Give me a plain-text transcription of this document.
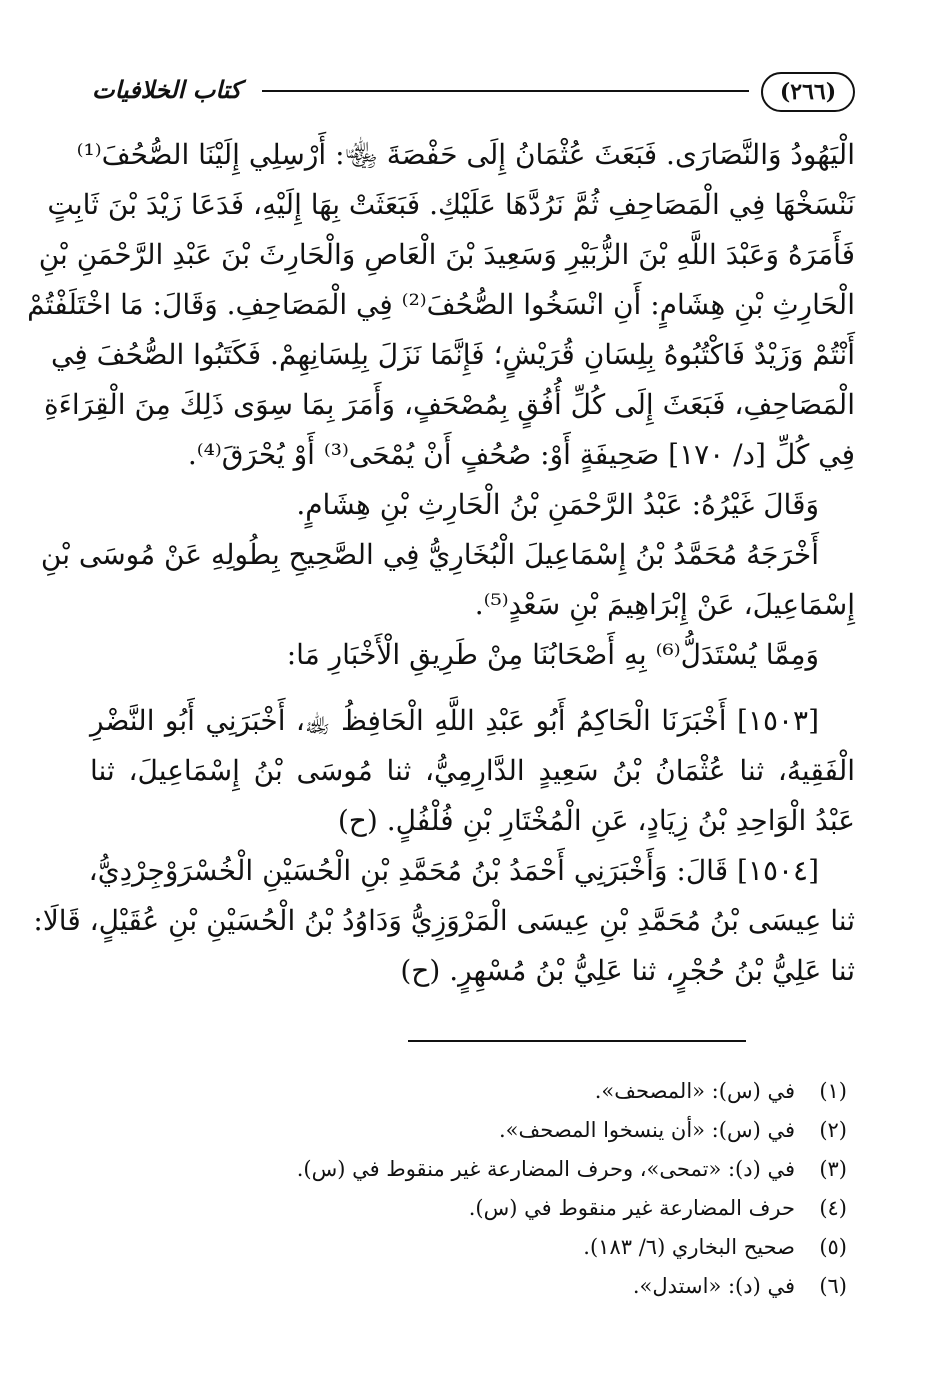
(٢٦٦)
كتاب الخلافيات
الْيَهُودُ وَالنَّصَارَى. فَبَعَثَ عُثْمَانُ إِلَى حَفْصَةَ ﵄: أَرْسِلِي إِلَيْنَا الصُّحُفَ⁽¹⁾
نَنْسَخْهَا فِي الْمَصَاحِفِ ثُمَّ نَرُدَّهَا عَلَيْكِ. فَبَعَثَتْ بِهَا إِلَيْهِ، فَدَعَا زَيْدَ بْنَ ثَابِتٍ
فَأَمَرَهُ وَعَبْدَ اللَّهِ بْنَ الزُّبَيْرِ وَسَعِيدَ بْنَ الْعَاصِ وَالْحَارِثَ بْنَ عَبْدِ الرَّحْمَنِ بْنِ
الْحَارِثِ بْنِ هِشَامٍ: أَنِ انْسَخُوا الصُّحُفَ⁽²⁾ فِي الْمَصَاحِفِ. وَقَالَ: مَا اخْتَلَفْتُمْ
أَنْتُمْ وَزَيْدٌ فَاكْتُبُوهُ بِلِسَانِ قُرَيْشٍ؛ فَإِنَّمَا نَزَلَ بِلِسَانِهِمْ. فَكَتَبُوا الصُّحُفَ فِي
الْمَصَاحِفِ، فَبَعَثَ إِلَى كُلِّ أُفُقٍ بِمُصْحَفٍ، وَأَمَرَ بِمَا سِوَى ذَلِكَ مِنَ الْقِرَاءَةِ
فِي كُلِّ [د/ ١٧٠] صَحِيفَةٍ أَوْ: صُحُفٍ أَنْ يُمْحَى⁽³⁾ أَوْ يُحْرَقَ⁽⁴⁾.
وَقَالَ غَيْرُهُ: عَبْدُ الرَّحْمَنِ بْنُ الْحَارِثِ بْنِ هِشَامٍ.
أَخْرَجَهُ مُحَمَّدُ بْنُ إِسْمَاعِيلَ الْبُخَارِيُّ فِي الصَّحِيحِ بِطُولِهِ عَنْ مُوسَى بْنِ
إِسْمَاعِيلَ، عَنْ إِبْرَاهِيمَ بْنِ سَعْدٍ⁽⁵⁾.
وَمِمَّا يُسْتَدَلُّ⁽⁶⁾ بِهِ أَصْحَابُنَا مِنْ طَرِيقِ الْأَخْبَارِ مَا:
[١٥٠٣] أَخْبَرَنَا الْحَاكِمُ أَبُو عَبْدِ اللَّهِ الْحَافِظُ ﵀، أَخْبَرَنِي أَبُو النَّضْرِ
الْفَقِيهُ، ثنا عُثْمَانُ بْنُ سَعِيدٍ الدَّارِمِيُّ، ثنا مُوسَى بْنُ إِسْمَاعِيلَ، ثنا
عَبْدُ الْوَاحِدِ بْنُ زِيَادٍ، عَنِ الْمُخْتَارِ بْنِ فُلْفُلٍ. (ح)
[١٥٠٤] قَالَ: وَأَخْبَرَنِي أَحْمَدُ بْنُ مُحَمَّدِ بْنِ الْحُسَيْنِ الْخُسْرَوْجِرْدِيُّ،
ثنا عِيسَى بْنُ مُحَمَّدِ بْنِ عِيسَى الْمَرْوَزِيُّ وَدَاوُدُ بْنُ الْحُسَيْنِ بْنِ عُقَيْلٍ، قَالَا:
ثنا عَلِيُّ بْنُ حُجْرٍ، ثنا عَلِيُّ بْنُ مُسْهِرٍ. (ح)
(١)في (س): «المصحف».
(٢)في (س): «أن ينسخوا المصحف».
(٣)في (د): «تمحى»، وحرف المضارعة غير منقوط في (س).
(٤)حرف المضارعة غير منقوط في (س).
(٥)صحيح البخاري (٦/ ١٨٣).
(٦)في (د): «استدل».
